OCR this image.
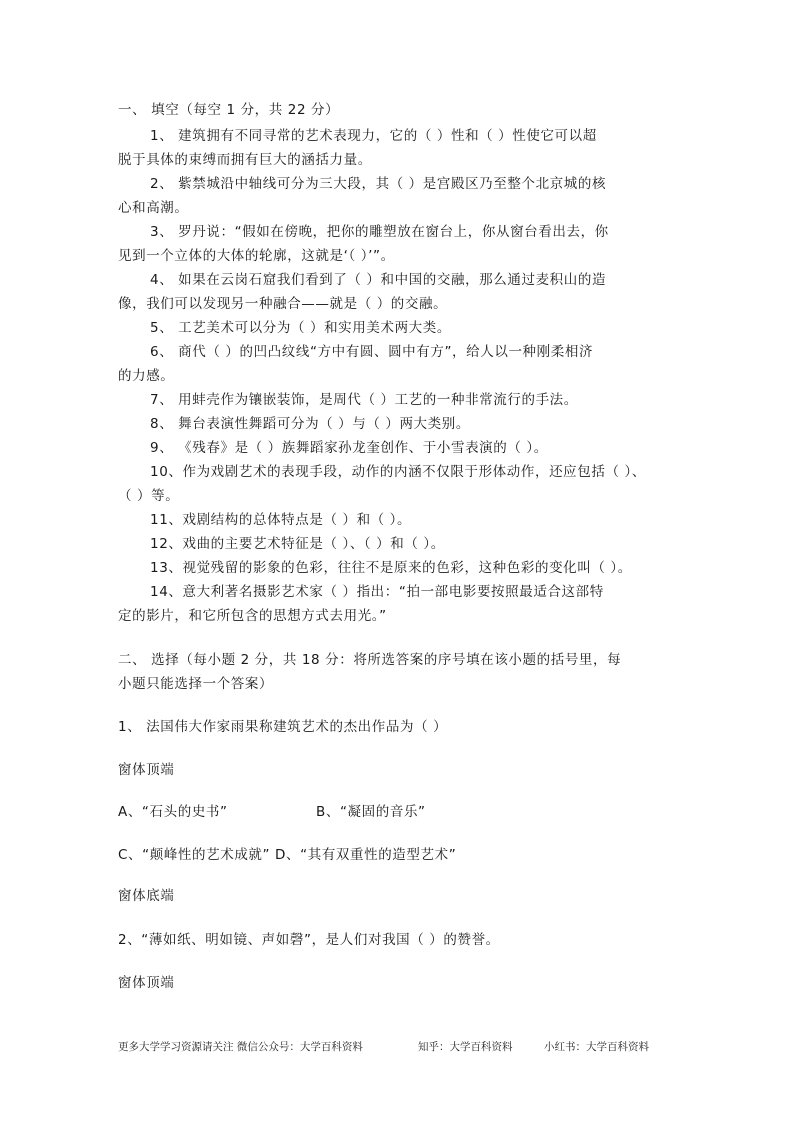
一、 填空（每空 1 分，共 22 分）
1、 建筑拥有不同寻常的艺术表现力，它的（ ）性和（ ）性使它可以超
脱于具体的束缚而拥有巨大的涵括力量。
2、 紫禁城沿中轴线可分为三大段，其（ ）是宫殿区乃至整个北京城的核
心和高潮。
3、 罗丹说：“假如在傍晚，把你的雕塑放在窗台上，你从窗台看出去，你
见到一个立体的大体的轮廓，这就是‘（ ）’”。
4、 如果在云岗石窟我们看到了（ ）和中国的交融，那么通过麦积山的造
像，我们可以发现另一种融合——就是（ ）的交融。
5、 工艺美术可以分为（ ）和实用美术两大类。
6、 商代（ ）的凹凸纹线“方中有圆、圆中有方”，给人以一种刚柔相济
的力感。
7、 用蚌壳作为镶嵌装饰，是周代（ ）工艺的一种非常流行的手法。
8、 舞台表演性舞蹈可分为（ ）与（ ）两大类别。
9、 《残春》是（ ）族舞蹈家孙龙奎创作、于小雪表演的（ ）。
10、作为戏剧艺术的表现手段，动作的内涵不仅限于形体动作，还应包括（ ）、
（ ）等。
11、戏剧结构的总体特点是（ ）和（ ）。
12、戏曲的主要艺术特征是（ ）、（ ）和（ ）。
13、视觉残留的影象的色彩，往往不是原来的色彩，这种色彩的变化叫（ ）。
14、意大利著名摄影艺术家（ ）指出：“拍一部电影要按照最适合这部特
定的影片，和它所包含的思想方式去用光。”
二、 选择（每小题 2 分，共 18 分：将所选答案的序号填在该小题的括号里，每
小题只能选择一个答案）
1、 法国伟大作家雨果称建筑艺术的杰出作品为（ ）
窗体顶端
A、“石头的史书”	B、“凝固的音乐”
C、“颠峰性的艺术成就” D、“其有双重性的造型艺术”
窗体底端
2、“薄如纸、明如镜、声如磬”，是人们对我国（ ）的赞誉。
窗体顶端
更多大学学习资源请关注 微信公众号：大学百科资料	知乎：大学百科资料	小红书：大学百科资料
